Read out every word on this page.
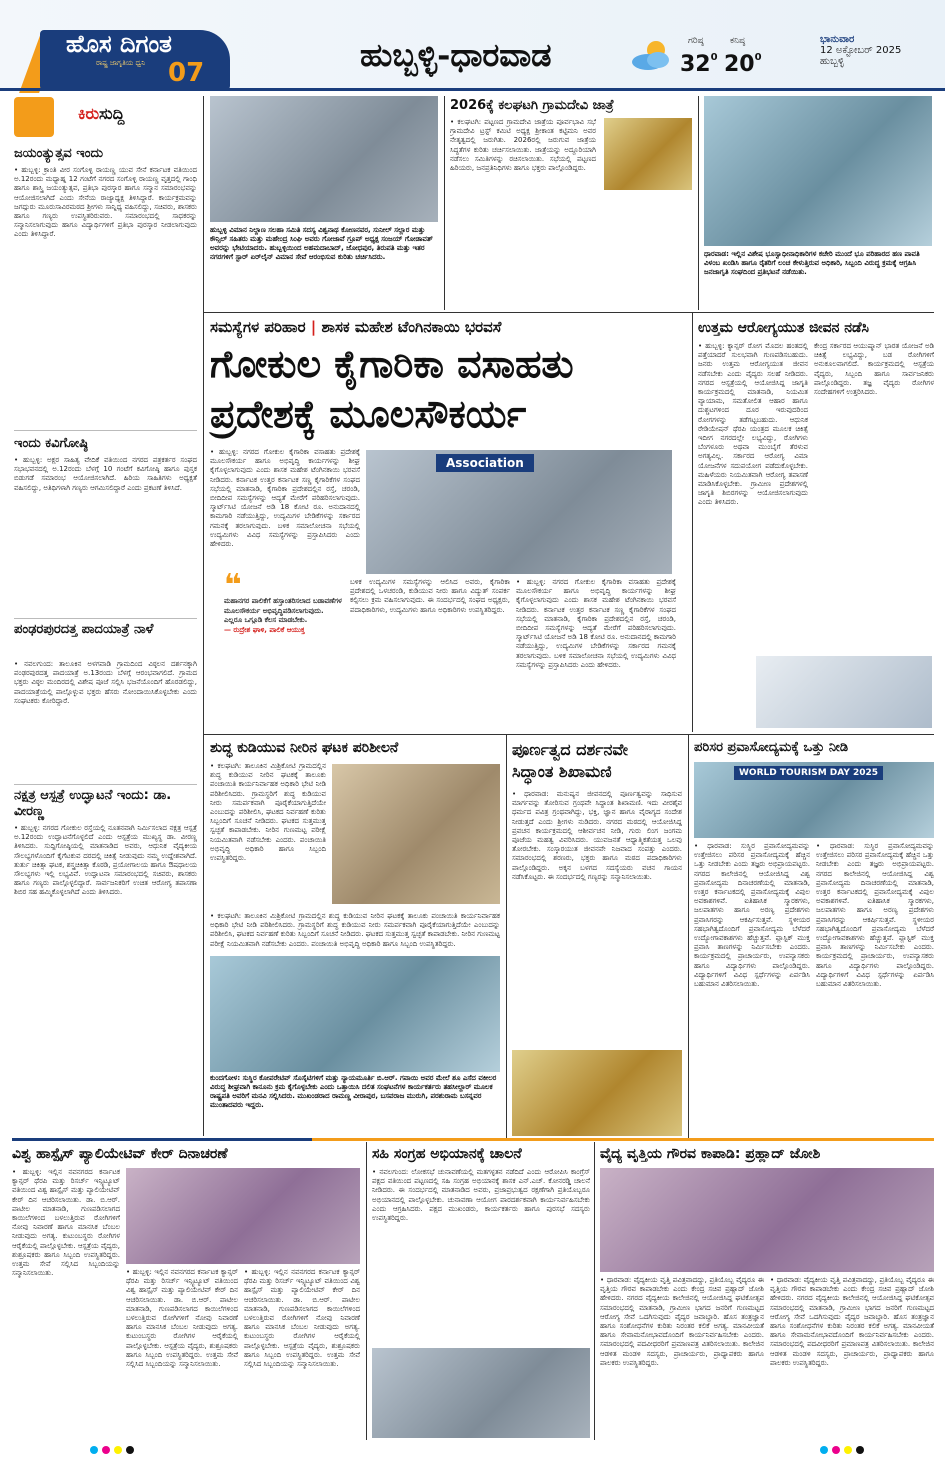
ಹೊಸ ದಿಗಂತ
ರಾಷ್ಟ್ರ ಜಾಗೃತಿಯ ಧ್ವನಿ 07	ಹುಬ್ಬಳ್ಳಿ-ಧಾರವಾಡ	ಗರಿಷ್ಠ
$32^0$
ಕನಿಷ್ಠ
$20^0$
ಭಾನುವಾರ
12 ಅಕ್ಟೋಬರ್ 2025
ಹುಬ್ಬಳ್ಳಿ
ಕಿರುಸುದ್ದಿ
ಜಯಂತ್ಯುತ್ಸವ ಇಂದು
• ಹುಬ್ಬಳ್ಳಿ: ಕ್ರಾಂತಿ ವೀರ ಸಂಗೊಳ್ಳಿ ರಾಯಣ್ಣ ಯುವ ಸೇನೆ ಕರ್ನಾಟಕ ವತಿಯಿಂದ ಅ.12ರಂದು ಮಧ್ಯಾಹ್ನ 12 ಗಂಟೆಗೆ ನಗರದ ಸಂಗೊಳ್ಳಿ ರಾಯಣ್ಣ ವೃತ್ತದಲ್ಲಿ ಗಾಂಧಿ ಹಾಗೂ ಶಾಸ್ತ್ರಿ ಜಯಂತ್ಯುತ್ಸವ, ಪ್ರತಿಭಾ ಪುರಸ್ಕಾರ ಹಾಗೂ ಸನ್ಮಾನ ಸಮಾರಂಭವನ್ನು ಆಯೋಜಿಸಲಾಗಿದೆ ಎಂದು ಸೇನೆಯ ರಾಜ್ಯಾಧ್ಯಕ್ಷ ತಿಳಿಸಿದ್ದಾರೆ. ಕಾರ್ಯಕ್ರಮವನ್ನು ಜಗದ್ಗುರು ಮೂರುಸಾವಿರಮಠದ ಶ್ರೀಗಳು ಸಾನ್ನಿಧ್ಯ ವಹಿಸಲಿದ್ದು, ಸಚಿವರು, ಶಾಸಕರು ಹಾಗೂ ಗಣ್ಯರು ಉಪಸ್ಥಿತರಿರುವರು. ಸಮಾರಂಭದಲ್ಲಿ ಸಾಧಕರನ್ನು ಸನ್ಮಾನಿಸಲಾಗುವುದು ಹಾಗೂ ವಿದ್ಯಾರ್ಥಿಗಳಿಗೆ ಪ್ರತಿಭಾ ಪುರಸ್ಕಾರ ನೀಡಲಾಗುವುದು ಎಂದು ತಿಳಿಸಿದ್ದಾರೆ.
ಇಂದು ಕವಿಗೋಷ್ಠಿ
• ಹುಬ್ಬಳ್ಳಿ: ಅಕ್ಷರ ಸಾಹಿತ್ಯ ವೇದಿಕೆ ವತಿಯಿಂದ ನಗರದ ಪತ್ರಕರ್ತರ ಸಂಘದ ಸಭಾಭವನದಲ್ಲಿ ಅ.12ರಂದು ಬೆಳಗ್ಗೆ 10 ಗಂಟೆಗೆ ಕವಿಗೋಷ್ಠಿ ಹಾಗೂ ಪುಸ್ತಕ ಬಿಡುಗಡೆ ಸಮಾರಂಭ ಆಯೋಜಿಸಲಾಗಿದೆ. ಹಿರಿಯ ಸಾಹಿತಿಗಳು ಅಧ್ಯಕ್ಷತೆ ವಹಿಸಲಿದ್ದು, ಅತಿಥಿಗಳಾಗಿ ಗಣ್ಯರು ಆಗಮಿಸಲಿದ್ದಾರೆ ಎಂದು ಪ್ರಕಟಣೆ ತಿಳಿಸಿದೆ.
ಪಂಢರಪುರದತ್ತ ಪಾದಯಾತ್ರೆ ನಾಳೆ
• ನವಲಗುಂದ: ತಾಲೂಕಿನ ಅಳಗವಾಡಿ ಗ್ರಾಮದಿಂದ ವಿಠ್ಠಲನ ದರ್ಶನಕ್ಕಾಗಿ ಪಂಢರಪುರದತ್ತ ಪಾದಯಾತ್ರೆ ಅ.13ರಂದು ಬೆಳಗ್ಗೆ ಆರಂಭವಾಗಲಿದೆ. ಗ್ರಾಮದ ಭಕ್ತರು ವಿಠ್ಠಲ ಮಂದಿರದಲ್ಲಿ ವಿಶೇಷ ಪೂಜೆ ಸಲ್ಲಿಸಿ ಭಜನೆಯೊಂದಿಗೆ ಹೊರಡಲಿದ್ದು, ಪಾದಯಾತ್ರೆಯಲ್ಲಿ ಪಾಲ್ಗೊಳ್ಳುವ ಭಕ್ತರು ಹೆಸರು ನೋಂದಾಯಿಸಿಕೊಳ್ಳಬೇಕು ಎಂದು ಸಂಘಟಕರು ಕೋರಿದ್ದಾರೆ.
ನಕ್ಷತ್ರ ಆಸ್ಪತ್ರೆ ಉದ್ಘಾಟನೆ ಇಂದು: ಡಾ. ವೀರಣ್ಣ
• ಹುಬ್ಬಳ್ಳಿ: ನಗರದ ಗೋಕುಲ ರಸ್ತೆಯಲ್ಲಿ ನೂತನವಾಗಿ ನಿರ್ಮಿಸಲಾದ ನಕ್ಷತ್ರ ಆಸ್ಪತ್ರೆ ಅ.12ರಂದು ಉದ್ಘಾಟನೆಗೊಳ್ಳಲಿದೆ ಎಂದು ಆಸ್ಪತ್ರೆಯ ಮುಖ್ಯಸ್ಥ ಡಾ. ವೀರಣ್ಣ ತಿಳಿಸಿದರು. ಸುದ್ದಿಗೋಷ್ಠಿಯಲ್ಲಿ ಮಾತನಾಡಿದ ಅವರು, ಆಧುನಿಕ ವೈದ್ಯಕೀಯ ಸೌಲಭ್ಯಗಳೊಂದಿಗೆ ಕೈಗೆಟಕುವ ದರದಲ್ಲಿ ಚಿಕಿತ್ಸೆ ನೀಡುವುದು ನಮ್ಮ ಉದ್ದೇಶವಾಗಿದೆ. ತುರ್ತು ಚಿಕಿತ್ಸಾ ಘಟಕ, ಶಸ್ತ್ರಚಿಕಿತ್ಸಾ ಕೊಠಡಿ, ಪ್ರಯೋಗಾಲಯ ಹಾಗೂ ಔಷಧಾಲಯ ಸೌಲಭ್ಯಗಳು ಇಲ್ಲಿ ಲಭ್ಯವಿವೆ. ಉದ್ಘಾಟನಾ ಸಮಾರಂಭದಲ್ಲಿ ಸಚಿವರು, ಶಾಸಕರು ಹಾಗೂ ಗಣ್ಯರು ಪಾಲ್ಗೊಳ್ಳಲಿದ್ದಾರೆ. ಸಾರ್ವಜನಿಕರಿಗೆ ಉಚಿತ ಆರೋಗ್ಯ ತಪಾಸಣಾ ಶಿಬಿರ ಸಹ ಹಮ್ಮಿಕೊಳ್ಳಲಾಗಿದೆ ಎಂದು ತಿಳಿಸಿದರು.
ಹುಬ್ಬಳ್ಳಿ ವಿಮಾನ ನಿಲ್ದಾಣ ಸಲಹಾ ಸಮಿತಿ ಸದಸ್ಯ ವಿಶ್ವನಾಥ ಕೋಣನವರ, ಸುನೀಲ್ ಸಲ್ಲಾರ ಮತ್ತು ಕೌನ್ಸಿಲ್ ಸಹಿತರು ಮತ್ತು ಮಹೇಂದ್ರ ಸಿಂಘಿ ಅವರು ಗೋಜಾವೆ ಗ್ರೂಪ್ ಅಧ್ಯಕ್ಷ ಸಂಜಯ್ ಗೋಡಾವತ್ ಅವರನ್ನು ಭೇಟಿಯಾದರು. ಹುಬ್ಬಳ್ಳಿಯಿಂದ ಅಹಮದಾಬಾದ್, ಜೋಧಪುರ, ತಿರುಪತಿ ಮತ್ತು ಇತರ ನಗರಗಳಿಗೆ ಸ್ಟಾರ್ ಏರ್‌ಲೈನ್ ವಿಮಾನ ಸೇವೆ ಆರಂಭಿಸುವ ಕುರಿತು ಚರ್ಚಿಸಿದರು.
2026ಕ್ಕೆ ಕಲಘಟಗಿ ಗ್ರಾಮದೇವಿ ಜಾತ್ರೆ
• ಕಲಘಟಗಿ: ಪಟ್ಟಣದ ಗ್ರಾಮದೇವಿ ಜಾತ್ರೆಯ ಪೂರ್ವಭಾವಿ ಸಭೆ ಗ್ರಾಮದೇವಿ ಟ್ರಸ್ಟ್ ಕಮಿಟಿ ಅಧ್ಯಕ್ಷ ಶ್ರೀಕಾಂತ ಕಟ್ಟಿಮನಿ ಅವರ ನೇತೃತ್ವದಲ್ಲಿ ಜರುಗಿತು. 2026ರಲ್ಲಿ ಜರುಗುವ ಜಾತ್ರೆಯ ಸಿದ್ಧತೆಗಳ ಕುರಿತು ಚರ್ಚಿಸಲಾಯಿತು. ಜಾತ್ರೆಯನ್ನು ಅದ್ದೂರಿಯಾಗಿ ನಡೆಸಲು ಸಮಿತಿಗಳನ್ನು ರಚಿಸಲಾಯಿತು. ಸಭೆಯಲ್ಲಿ ಪಟ್ಟಣದ ಹಿರಿಯರು, ಜನಪ್ರತಿನಿಧಿಗಳು ಹಾಗೂ ಭಕ್ತರು ಪಾಲ್ಗೊಂಡಿದ್ದರು.
ಧಾರವಾಡ: ಇಲ್ಲಿನ ವಿಶೇಷ ಭೂಸ್ವಾಧೀನಾಧಿಕಾರಿಗಳ ಕಚೇರಿ ಮುಂದೆ ಭೂ ಪರಿಹಾರದ ಹಣ ಪಾವತಿ ವಿಳಂಬ ಖಂಡಿಸಿ ಹಾಗೂ ರೈತರಿಗೆ ಲಂಚ ಕೇಳುತ್ತಿರುವ ಅಧಿಕಾರಿ, ಸಿಬ್ಬಂದಿ ವಿರುದ್ಧ ಕ್ರಮಕ್ಕೆ ಆಗ್ರಹಿಸಿ ಜನಜಾಗೃತಿ ಸಂಘದಿಂದ ಪ್ರತಿಭಟನೆ ನಡೆಯಿತು.
ಸಮಸ್ಯೆಗಳ ಪರಿಹಾರ | ಶಾಸಕ ಮಹೇಶ ಟೆಂಗಿನಕಾಯಿ ಭರವಸೆ
ಗೋಕುಲ ಕೈಗಾರಿಕಾ ವಸಾಹತು
ಪ್ರದೇಶಕ್ಕೆ ಮೂಲಸೌಕರ್ಯ
• ಹುಬ್ಬಳ್ಳಿ: ನಗರದ ಗೋಕುಲ ಕೈಗಾರಿಕಾ ವಸಾಹತು ಪ್ರದೇಶಕ್ಕೆ ಮೂಲಸೌಕರ್ಯ ಹಾಗೂ ಅಭಿವೃದ್ಧಿ ಕಾರ್ಯಗಳನ್ನು ಶೀಘ್ರ ಕೈಗೊಳ್ಳಲಾಗುವುದು ಎಂದು ಶಾಸಕ ಮಹೇಶ ಟೆಂಗಿನಕಾಯಿ ಭರವಸೆ ನೀಡಿದರು. ಕರ್ನಾಟಕ ಉತ್ತರ ಕರ್ನಾಟಕ ಸಣ್ಣ ಕೈಗಾರಿಕೆಗಳ ಸಂಘದ ಸಭೆಯಲ್ಲಿ ಮಾತನಾಡಿ, ಕೈಗಾರಿಕಾ ಪ್ರದೇಶದಲ್ಲಿನ ರಸ್ತೆ, ಚರಂಡಿ, ಬೀದಿದೀಪ ಸಮಸ್ಯೆಗಳನ್ನು ಆದ್ಯತೆ ಮೇರೆಗೆ ಪರಿಹರಿಸಲಾಗುವುದು. ಸ್ಮಾರ್ಟ್‌ಸಿಟಿ ಯೋಜನೆ ಅಡಿ 18 ಕೋಟಿ ರೂ. ಅನುದಾನದಲ್ಲಿ ಕಾಮಗಾರಿ ನಡೆಯುತ್ತಿದ್ದು, ಉದ್ಯಮಿಗಳ ಬೇಡಿಕೆಗಳನ್ನು ಸರ್ಕಾರದ ಗಮನಕ್ಕೆ ತರಲಾಗುವುದು. ಬಳಿಕ ಸಮಾಲೋಚನಾ ಸಭೆಯಲ್ಲಿ ಉದ್ಯಮಿಗಳು ವಿವಿಧ ಸಮಸ್ಯೆಗಳನ್ನು ಪ್ರಸ್ತಾಪಿಸಿದರು ಎಂದು ಹೇಳಿದರು.
Association
❝
ಮಹಾನಗರ ಪಾಲಿಕೆಗೆ ಹಸ್ತಾಂತರಿಸಲಾದ ಬಡಾವಣೆಗಳ ಮೂಲಸೌಕರ್ಯ ಅಭಿವೃದ್ಧಿಪಡಿಸಲಾಗುವುದು. ಎಲ್ಲರೂ ಒಗ್ಗೂಡಿ ಕೆಲಸ ಮಾಡಬೇಕು.
— ರುದ್ರೇಶ ಘಾಳಿ, ಪಾಲಿಕೆ ಆಯುಕ್ತ
ಬಳಿಕ ಉದ್ಯಮಿಗಳ ಸಮಸ್ಯೆಗಳನ್ನು ಆಲಿಸಿದ ಅವರು, ಕೈಗಾರಿಕಾ ಪ್ರದೇಶದಲ್ಲಿ ಒಳಚರಂಡಿ, ಕುಡಿಯುವ ನೀರು ಹಾಗೂ ವಿದ್ಯುತ್ ಸಂಪರ್ಕ ಕಲ್ಪಿಸಲು ಕ್ರಮ ವಹಿಸಲಾಗುವುದು. ಈ ಸಂದರ್ಭದಲ್ಲಿ ಸಂಘದ ಅಧ್ಯಕ್ಷರು, ಪದಾಧಿಕಾರಿಗಳು, ಉದ್ಯಮಿಗಳು ಹಾಗೂ ಅಧಿಕಾರಿಗಳು ಉಪಸ್ಥಿತರಿದ್ದರು.
• ಹುಬ್ಬಳ್ಳಿ: ನಗರದ ಗೋಕುಲ ಕೈಗಾರಿಕಾ ವಸಾಹತು ಪ್ರದೇಶಕ್ಕೆ ಮೂಲಸೌಕರ್ಯ ಹಾಗೂ ಅಭಿವೃದ್ಧಿ ಕಾರ್ಯಗಳನ್ನು ಶೀಘ್ರ ಕೈಗೊಳ್ಳಲಾಗುವುದು ಎಂದು ಶಾಸಕ ಮಹೇಶ ಟೆಂಗಿನಕಾಯಿ ಭರವಸೆ ನೀಡಿದರು. ಕರ್ನಾಟಕ ಉತ್ತರ ಕರ್ನಾಟಕ ಸಣ್ಣ ಕೈಗಾರಿಕೆಗಳ ಸಂಘದ ಸಭೆಯಲ್ಲಿ ಮಾತನಾಡಿ, ಕೈಗಾರಿಕಾ ಪ್ರದೇಶದಲ್ಲಿನ ರಸ್ತೆ, ಚರಂಡಿ, ಬೀದಿದೀಪ ಸಮಸ್ಯೆಗಳನ್ನು ಆದ್ಯತೆ ಮೇರೆಗೆ ಪರಿಹರಿಸಲಾಗುವುದು. ಸ್ಮಾರ್ಟ್‌ಸಿಟಿ ಯೋಜನೆ ಅಡಿ 18 ಕೋಟಿ ರೂ. ಅನುದಾನದಲ್ಲಿ ಕಾಮಗಾರಿ ನಡೆಯುತ್ತಿದ್ದು, ಉದ್ಯಮಿಗಳ ಬೇಡಿಕೆಗಳನ್ನು ಸರ್ಕಾರದ ಗಮನಕ್ಕೆ ತರಲಾಗುವುದು. ಬಳಿಕ ಸಮಾಲೋಚನಾ ಸಭೆಯಲ್ಲಿ ಉದ್ಯಮಿಗಳು ವಿವಿಧ ಸಮಸ್ಯೆಗಳನ್ನು ಪ್ರಸ್ತಾಪಿಸಿದರು ಎಂದು ಹೇಳಿದರು.
ಉತ್ತಮ ಆರೋಗ್ಯಯುತ ಜೀವನ ನಡೆಸಿ
• ಹುಬ್ಬಳ್ಳಿ: ಕ್ಯಾನ್ಸರ್ ರೋಗ ಮೊದಲ ಹಂತದಲ್ಲಿ ಪತ್ತೆಯಾದರೆ ಸುಲಭವಾಗಿ ಗುಣಪಡಿಸಬಹುದು. ಜನರು ಉತ್ತಮ ಆರೋಗ್ಯಯುತ ಜೀವನ ನಡೆಸಬೇಕು ಎಂದು ವೈದ್ಯರು ಸಲಹೆ ನೀಡಿದರು. ನಗರದ ಆಸ್ಪತ್ರೆಯಲ್ಲಿ ಆಯೋಜಿಸಿದ್ದ ಜಾಗೃತಿ ಕಾರ್ಯಕ್ರಮದಲ್ಲಿ ಮಾತನಾಡಿ, ನಿಯಮಿತ ವ್ಯಾಯಾಮ, ಸಮತೋಲಿತ ಆಹಾರ ಹಾಗೂ ದುಶ್ಚಟಗಳಿಂದ ದೂರ ಇರುವುದರಿಂದ ರೋಗಗಳನ್ನು ತಡೆಗಟ್ಟಬಹುದು. ಆಧುನಿಕ ರೇಡಿಯೇಷನ್ ಥೆರಪಿ ಯಂತ್ರದ ಮೂಲಕ ಚಿಕಿತ್ಸೆ ಇದೀಗ ನಗರದಲ್ಲೇ ಲಭ್ಯವಿದ್ದು, ರೋಗಿಗಳು ಬೆಂಗಳೂರು ಅಥವಾ ಮುಂಬೈಗೆ ತೆರಳುವ ಅಗತ್ಯವಿಲ್ಲ. ಸರ್ಕಾರದ ಆರೋಗ್ಯ ವಿಮಾ ಯೋಜನೆಗಳ ಸದುಪಯೋಗ ಪಡೆದುಕೊಳ್ಳಬೇಕು. ಮಹಿಳೆಯರು ನಿಯಮಿತವಾಗಿ ಆರೋಗ್ಯ ತಪಾಸಣೆ ಮಾಡಿಸಿಕೊಳ್ಳಬೇಕು. ಗ್ರಾಮೀಣ ಪ್ರದೇಶಗಳಲ್ಲಿ ಜಾಗೃತಿ ಶಿಬಿರಗಳನ್ನು ಆಯೋಜಿಸಲಾಗುವುದು ಎಂದು ತಿಳಿಸಿದರು.
ಕೇಂದ್ರ ಸರ್ಕಾರದ ಆಯುಷ್ಮಾನ್ ಭಾರತ ಯೋಜನೆ ಅಡಿ ಚಿಕಿತ್ಸೆ ಲಭ್ಯವಿದ್ದು, ಬಡ ರೋಗಿಗಳಿಗೆ ಅನುಕೂಲವಾಗಲಿದೆ. ಕಾರ್ಯಕ್ರಮದಲ್ಲಿ ಆಸ್ಪತ್ರೆಯ ವೈದ್ಯರು, ಸಿಬ್ಬಂದಿ ಹಾಗೂ ಸಾರ್ವಜನಿಕರು ಪಾಲ್ಗೊಂಡಿದ್ದರು. ತಜ್ಞ ವೈದ್ಯರು ರೋಗಿಗಳ ಸಂದೇಹಗಳಿಗೆ ಉತ್ತರಿಸಿದರು.
ಶುದ್ಧ ಕುಡಿಯುವ ನೀರಿನ ಘಟಕ ಪರಿಶೀಲನೆ
• ಕಲಘಟಗಿ: ತಾಲೂಕಿನ ಮಿಶ್ರಿಕೋಟಿ ಗ್ರಾಮದಲ್ಲಿನ ಶುದ್ಧ ಕುಡಿಯುವ ನೀರಿನ ಘಟಕಕ್ಕೆ ತಾಲೂಕು ಪಂಚಾಯಿತಿ ಕಾರ್ಯನಿರ್ವಾಹಕ ಅಧಿಕಾರಿ ಭೇಟಿ ನೀಡಿ ಪರಿಶೀಲಿಸಿದರು. ಗ್ರಾಮಸ್ಥರಿಗೆ ಶುದ್ಧ ಕುಡಿಯುವ ನೀರು ಸಮರ್ಪಕವಾಗಿ ಪೂರೈಕೆಯಾಗುತ್ತಿದೆಯೇ ಎಂಬುದನ್ನು ಪರಿಶೀಲಿಸಿ, ಘಟಕದ ನಿರ್ವಹಣೆ ಕುರಿತು ಸಿಬ್ಬಂದಿಗೆ ಸೂಚನೆ ನೀಡಿದರು. ಘಟಕದ ಸುತ್ತಮುತ್ತ ಸ್ವಚ್ಛತೆ ಕಾಪಾಡಬೇಕು. ನೀರಿನ ಗುಣಮಟ್ಟ ಪರೀಕ್ಷೆ ನಿಯಮಿತವಾಗಿ ನಡೆಸಬೇಕು ಎಂದರು. ಪಂಚಾಯಿತಿ ಅಭಿವೃದ್ಧಿ ಅಧಿಕಾರಿ ಹಾಗೂ ಸಿಬ್ಬಂದಿ ಉಪಸ್ಥಿತರಿದ್ದರು.
• ಕಲಘಟಗಿ: ತಾಲೂಕಿನ ಮಿಶ್ರಿಕೋಟಿ ಗ್ರಾಮದಲ್ಲಿನ ಶುದ್ಧ ಕುಡಿಯುವ ನೀರಿನ ಘಟಕಕ್ಕೆ ತಾಲೂಕು ಪಂಚಾಯಿತಿ ಕಾರ್ಯನಿರ್ವಾಹಕ ಅಧಿಕಾರಿ ಭೇಟಿ ನೀಡಿ ಪರಿಶೀಲಿಸಿದರು. ಗ್ರಾಮಸ್ಥರಿಗೆ ಶುದ್ಧ ಕುಡಿಯುವ ನೀರು ಸಮರ್ಪಕವಾಗಿ ಪೂರೈಕೆಯಾಗುತ್ತಿದೆಯೇ ಎಂಬುದನ್ನು ಪರಿಶೀಲಿಸಿ, ಘಟಕದ ನಿರ್ವಹಣೆ ಕುರಿತು ಸಿಬ್ಬಂದಿಗೆ ಸೂಚನೆ ನೀಡಿದರು. ಘಟಕದ ಸುತ್ತಮುತ್ತ ಸ್ವಚ್ಛತೆ ಕಾಪಾಡಬೇಕು. ನೀರಿನ ಗುಣಮಟ್ಟ ಪರೀಕ್ಷೆ ನಿಯಮಿತವಾಗಿ ನಡೆಸಬೇಕು ಎಂದರು. ಪಂಚಾಯಿತಿ ಅಭಿವೃದ್ಧಿ ಅಧಿಕಾರಿ ಹಾಗೂ ಸಿಬ್ಬಂದಿ ಉಪಸ್ಥಿತರಿದ್ದರು.
ಕುಂದಗೋಳ: ಸುಸ್ಥಿರ ಕೋಪರೇಟಿವ್ ಸೊಸೈಟಿಗಳಿಗೆ ಮತ್ತು ನ್ಯಾಯಮೂರ್ತಿ ಬಿ.ಆರ್. ಗವಾಯಿ ಅವರ ಮೇಲೆ ಶೂ ಎಸೆದ ವಕೀಲರ ವಿರುದ್ಧ ಶೀಘ್ರವಾಗಿ ಕಾನೂನು ಕ್ರಮ ಕೈಗೊಳ್ಳಬೇಕು ಎಂದು ಒತ್ತಾಯಿಸಿ ದಲಿತ ಸಂಘಟನೆಗಳ ಕಾರ್ಯಕರ್ತರು ತಹಸೀಲ್ದಾರ್ ಮೂಲಕ ರಾಷ್ಟ್ರಪತಿ ಅವರಿಗೆ ಮನವಿ ಸಲ್ಲಿಸಿದರು. ಮುಖಂಡರಾದ ರಾಮಣ್ಣ ವೀರಾಪುರ, ಬಸವರಾಜ ಮುರುಗಿ, ಪರಶುರಾಮ ಬಸನ್ನವರ ಮುಂತಾದವರು ಇದ್ದರು.
ಪೂರ್ಣತ್ವದ ದರ್ಶನವೇ
ಸಿದ್ಧಾಂತ ಶಿಖಾಮಣಿ
• ಧಾರವಾಡ: ಮನುಷ್ಯನ ಜೀವನದಲ್ಲಿ ಪೂರ್ಣತ್ವವನ್ನು ಸಾಧಿಸುವ ಮಾರ್ಗವನ್ನು ತೋರಿಸುವ ಗ್ರಂಥವೇ ಸಿದ್ಧಾಂತ ಶಿಖಾಮಣಿ. ಇದು ವೀರಶೈವ ಧರ್ಮದ ಪವಿತ್ರ ಗ್ರಂಥವಾಗಿದ್ದು, ಭಕ್ತಿ, ಜ್ಞಾನ ಹಾಗೂ ವೈರಾಗ್ಯದ ಸಂದೇಶ ನೀಡುತ್ತದೆ ಎಂದು ಶ್ರೀಗಳು ನುಡಿದರು. ನಗರದ ಮಠದಲ್ಲಿ ಆಯೋಜಿಸಿದ್ದ ಪ್ರವಚನ ಕಾರ್ಯಕ್ರಮದಲ್ಲಿ ಆಶೀರ್ವಚನ ನೀಡಿ, ಗುರು ಲಿಂಗ ಜಂಗಮ ಪೂಜೆಯ ಮಹತ್ವ ವಿವರಿಸಿದರು. ಯುವಜನತೆ ಆಧ್ಯಾತ್ಮಿಕತೆಯತ್ತ ಒಲವು ತೋರಬೇಕು. ಸಂಸ್ಕಾರಯುತ ಜೀವನವೇ ನಿಜವಾದ ಸಂಪತ್ತು ಎಂದರು. ಸಮಾರಂಭದಲ್ಲಿ ಶರಣರು, ಭಕ್ತರು ಹಾಗೂ ಮಠದ ಪದಾಧಿಕಾರಿಗಳು ಪಾಲ್ಗೊಂಡಿದ್ದರು. ಅಕ್ಕನ ಬಳಗದ ಸದಸ್ಯೆಯರು ವಚನ ಗಾಯನ ನಡೆಸಿಕೊಟ್ಟರು. ಈ ಸಂದರ್ಭದಲ್ಲಿ ಗಣ್ಯರನ್ನು ಸನ್ಮಾನಿಸಲಾಯಿತು.
ಪರಿಸರ ಪ್ರವಾಸೋದ್ಯಮಕ್ಕೆ ಒತ್ತು ನೀಡಿ
WORLD TOURISM DAY 2025
• ಧಾರವಾಡ: ಸುಸ್ಥಿರ ಪ್ರವಾಸೋದ್ಯಮವನ್ನು ಉತ್ತೇಜಿಸಲು ಪರಿಸರ ಪ್ರವಾಸೋದ್ಯಮಕ್ಕೆ ಹೆಚ್ಚಿನ ಒತ್ತು ನೀಡಬೇಕು ಎಂದು ತಜ್ಞರು ಅಭಿಪ್ರಾಯಪಟ್ಟರು. ನಗರದ ಕಾಲೇಜಿನಲ್ಲಿ ಆಯೋಜಿಸಿದ್ದ ವಿಶ್ವ ಪ್ರವಾಸೋದ್ಯಮ ದಿನಾಚರಣೆಯಲ್ಲಿ ಮಾತನಾಡಿ, ಉತ್ತರ ಕರ್ನಾಟಕದಲ್ಲಿ ಪ್ರವಾಸೋದ್ಯಮಕ್ಕೆ ವಿಪುಲ ಅವಕಾಶಗಳಿವೆ. ಐತಿಹಾಸಿಕ ಸ್ಮಾರಕಗಳು, ಜಲಪಾತಗಳು ಹಾಗೂ ಅರಣ್ಯ ಪ್ರದೇಶಗಳು ಪ್ರವಾಸಿಗರನ್ನು ಆಕರ್ಷಿಸುತ್ತವೆ. ಸ್ಥಳೀಯರ ಸಹಭಾಗಿತ್ವದೊಂದಿಗೆ ಪ್ರವಾಸೋದ್ಯಮ ಬೆಳೆದರೆ ಉದ್ಯೋಗಾವಕಾಶಗಳು ಹೆಚ್ಚುತ್ತವೆ. ಪ್ಲಾಸ್ಟಿಕ್ ಮುಕ್ತ ಪ್ರವಾಸಿ ತಾಣಗಳನ್ನು ನಿರ್ಮಿಸಬೇಕು ಎಂದರು. ಕಾರ್ಯಕ್ರಮದಲ್ಲಿ ಪ್ರಾಚಾರ್ಯರು, ಉಪನ್ಯಾಸಕರು ಹಾಗೂ ವಿದ್ಯಾರ್ಥಿಗಳು ಪಾಲ್ಗೊಂಡಿದ್ದರು. ವಿದ್ಯಾರ್ಥಿಗಳಿಗೆ ವಿವಿಧ ಸ್ಪರ್ಧೆಗಳನ್ನು ಏರ್ಪಡಿಸಿ ಬಹುಮಾನ ವಿತರಿಸಲಾಯಿತು.
• ಧಾರವಾಡ: ಸುಸ್ಥಿರ ಪ್ರವಾಸೋದ್ಯಮವನ್ನು ಉತ್ತೇಜಿಸಲು ಪರಿಸರ ಪ್ರವಾಸೋದ್ಯಮಕ್ಕೆ ಹೆಚ್ಚಿನ ಒತ್ತು ನೀಡಬೇಕು ಎಂದು ತಜ್ಞರು ಅಭಿಪ್ರಾಯಪಟ್ಟರು. ನಗರದ ಕಾಲೇಜಿನಲ್ಲಿ ಆಯೋಜಿಸಿದ್ದ ವಿಶ್ವ ಪ್ರವಾಸೋದ್ಯಮ ದಿನಾಚರಣೆಯಲ್ಲಿ ಮಾತನಾಡಿ, ಉತ್ತರ ಕರ್ನಾಟಕದಲ್ಲಿ ಪ್ರವಾಸೋದ್ಯಮಕ್ಕೆ ವಿಪುಲ ಅವಕಾಶಗಳಿವೆ. ಐತಿಹಾಸಿಕ ಸ್ಮಾರಕಗಳು, ಜಲಪಾತಗಳು ಹಾಗೂ ಅರಣ್ಯ ಪ್ರದೇಶಗಳು ಪ್ರವಾಸಿಗರನ್ನು ಆಕರ್ಷಿಸುತ್ತವೆ. ಸ್ಥಳೀಯರ ಸಹಭಾಗಿತ್ವದೊಂದಿಗೆ ಪ್ರವಾಸೋದ್ಯಮ ಬೆಳೆದರೆ ಉದ್ಯೋಗಾವಕಾಶಗಳು ಹೆಚ್ಚುತ್ತವೆ. ಪ್ಲಾಸ್ಟಿಕ್ ಮುಕ್ತ ಪ್ರವಾಸಿ ತಾಣಗಳನ್ನು ನಿರ್ಮಿಸಬೇಕು ಎಂದರು. ಕಾರ್ಯಕ್ರಮದಲ್ಲಿ ಪ್ರಾಚಾರ್ಯರು, ಉಪನ್ಯಾಸಕರು ಹಾಗೂ ವಿದ್ಯಾರ್ಥಿಗಳು ಪಾಲ್ಗೊಂಡಿದ್ದರು. ವಿದ್ಯಾರ್ಥಿಗಳಿಗೆ ವಿವಿಧ ಸ್ಪರ್ಧೆಗಳನ್ನು ಏರ್ಪಡಿಸಿ ಬಹುಮಾನ ವಿತರಿಸಲಾಯಿತು.
ವಿಶ್ವ ಹಾಸ್ಪೈಸ್ ಪ್ಯಾಲಿಯೇಟಿವ್ ಕೇರ್ ದಿನಾಚರಣೆ
• ಹುಬ್ಬಳ್ಳಿ: ಇಲ್ಲಿನ ನವನಗರದ ಕರ್ನಾಟಕ ಕ್ಯಾನ್ಸರ್ ಥೆರಪಿ ಮತ್ತು ರಿಸರ್ಚ್ ಇನ್ಸ್ಟಿಟ್ಯೂಟ್ ವತಿಯಿಂದ ವಿಶ್ವ ಹಾಸ್ಪೈಸ್ ಮತ್ತು ಪ್ಯಾಲಿಯೇಟಿವ್ ಕೇರ್ ದಿನ ಆಚರಿಸಲಾಯಿತು. ಡಾ. ಬಿ.ಆರ್. ಪಾಟೀಲ ಮಾತನಾಡಿ, ಗುಣಪಡಿಸಲಾಗದ ಕಾಯಿಲೆಗಳಿಂದ ಬಳಲುತ್ತಿರುವ ರೋಗಿಗಳಿಗೆ ನೋವು ನಿವಾರಣೆ ಹಾಗೂ ಮಾನಸಿಕ ಬೆಂಬಲ ನೀಡುವುದು ಅಗತ್ಯ. ಕುಟುಂಬಸ್ಥರು ರೋಗಿಗಳ ಆರೈಕೆಯಲ್ಲಿ ಪಾಲ್ಗೊಳ್ಳಬೇಕು. ಆಸ್ಪತ್ರೆಯ ವೈದ್ಯರು, ಶುಶ್ರೂಷಕರು ಹಾಗೂ ಸಿಬ್ಬಂದಿ ಉಪಸ್ಥಿತರಿದ್ದರು. ಉತ್ತಮ ಸೇವೆ ಸಲ್ಲಿಸಿದ ಸಿಬ್ಬಂದಿಯನ್ನು ಸನ್ಮಾನಿಸಲಾಯಿತು.	• ಹುಬ್ಬಳ್ಳಿ: ಇಲ್ಲಿನ ನವನಗರದ ಕರ್ನಾಟಕ ಕ್ಯಾನ್ಸರ್ ಥೆರಪಿ ಮತ್ತು ರಿಸರ್ಚ್ ಇನ್ಸ್ಟಿಟ್ಯೂಟ್ ವತಿಯಿಂದ ವಿಶ್ವ ಹಾಸ್ಪೈಸ್ ಮತ್ತು ಪ್ಯಾಲಿಯೇಟಿವ್ ಕೇರ್ ದಿನ ಆಚರಿಸಲಾಯಿತು. ಡಾ. ಬಿ.ಆರ್. ಪಾಟೀಲ ಮಾತನಾಡಿ, ಗುಣಪಡಿಸಲಾಗದ ಕಾಯಿಲೆಗಳಿಂದ ಬಳಲುತ್ತಿರುವ ರೋಗಿಗಳಿಗೆ ನೋವು ನಿವಾರಣೆ ಹಾಗೂ ಮಾನಸಿಕ ಬೆಂಬಲ ನೀಡುವುದು ಅಗತ್ಯ. ಕುಟುಂಬಸ್ಥರು ರೋಗಿಗಳ ಆರೈಕೆಯಲ್ಲಿ ಪಾಲ್ಗೊಳ್ಳಬೇಕು. ಆಸ್ಪತ್ರೆಯ ವೈದ್ಯರು, ಶುಶ್ರೂಷಕರು ಹಾಗೂ ಸಿಬ್ಬಂದಿ ಉಪಸ್ಥಿತರಿದ್ದರು. ಉತ್ತಮ ಸೇವೆ ಸಲ್ಲಿಸಿದ ಸಿಬ್ಬಂದಿಯನ್ನು ಸನ್ಮಾನಿಸಲಾಯಿತು.
• ಹುಬ್ಬಳ್ಳಿ: ಇಲ್ಲಿನ ನವನಗರದ ಕರ್ನಾಟಕ ಕ್ಯಾನ್ಸರ್ ಥೆರಪಿ ಮತ್ತು ರಿಸರ್ಚ್ ಇನ್ಸ್ಟಿಟ್ಯೂಟ್ ವತಿಯಿಂದ ವಿಶ್ವ ಹಾಸ್ಪೈಸ್ ಮತ್ತು ಪ್ಯಾಲಿಯೇಟಿವ್ ಕೇರ್ ದಿನ ಆಚರಿಸಲಾಯಿತು. ಡಾ. ಬಿ.ಆರ್. ಪಾಟೀಲ ಮಾತನಾಡಿ, ಗುಣಪಡಿಸಲಾಗದ ಕಾಯಿಲೆಗಳಿಂದ ಬಳಲುತ್ತಿರುವ ರೋಗಿಗಳಿಗೆ ನೋವು ನಿವಾರಣೆ ಹಾಗೂ ಮಾನಸಿಕ ಬೆಂಬಲ ನೀಡುವುದು ಅಗತ್ಯ. ಕುಟುಂಬಸ್ಥರು ರೋಗಿಗಳ ಆರೈಕೆಯಲ್ಲಿ ಪಾಲ್ಗೊಳ್ಳಬೇಕು. ಆಸ್ಪತ್ರೆಯ ವೈದ್ಯರು, ಶುಶ್ರೂಷಕರು ಹಾಗೂ ಸಿಬ್ಬಂದಿ ಉಪಸ್ಥಿತರಿದ್ದರು. ಉತ್ತಮ ಸೇವೆ ಸಲ್ಲಿಸಿದ ಸಿಬ್ಬಂದಿಯನ್ನು ಸನ್ಮಾನಿಸಲಾಯಿತು.
ಸಹಿ ಸಂಗ್ರಹ ಅಭಿಯಾನಕ್ಕೆ ಚಾಲನೆ
• ನವಲಗುಂದ: ಲೋಕಸಭೆ ಚುನಾವಣೆಯಲ್ಲಿ ಮತಗಳ್ಳತನ ನಡೆದಿದೆ ಎಂದು ಆರೋಪಿಸಿ ಕಾಂಗ್ರೆಸ್ ಪಕ್ಷದ ವತಿಯಿಂದ ಪಟ್ಟಣದಲ್ಲಿ ಸಹಿ ಸಂಗ್ರಹ ಅಭಿಯಾನಕ್ಕೆ ಶಾಸಕ ಎನ್.ಎಚ್. ಕೋನರಡ್ಡಿ ಚಾಲನೆ ನೀಡಿದರು. ಈ ಸಂದರ್ಭದಲ್ಲಿ ಮಾತನಾಡಿದ ಅವರು, ಪ್ರಜಾಪ್ರಭುತ್ವದ ರಕ್ಷಣೆಗಾಗಿ ಪ್ರತಿಯೊಬ್ಬರೂ ಅಭಿಯಾನದಲ್ಲಿ ಪಾಲ್ಗೊಳ್ಳಬೇಕು. ಚುನಾವಣಾ ಆಯೋಗ ಪಾರದರ್ಶಕವಾಗಿ ಕಾರ್ಯನಿರ್ವಹಿಸಬೇಕು ಎಂದು ಆಗ್ರಹಿಸಿದರು. ಪಕ್ಷದ ಮುಖಂಡರು, ಕಾರ್ಯಕರ್ತರು ಹಾಗೂ ಪುರಸಭೆ ಸದಸ್ಯರು ಉಪಸ್ಥಿತರಿದ್ದರು.
ವೈದ್ಯ ವೃತ್ತಿಯ ಗೌರವ ಕಾಪಾಡಿ: ಪ್ರಹ್ಲಾದ್ ಜೋಶಿ
• ಧಾರವಾಡ: ವೈದ್ಯಕೀಯ ವೃತ್ತಿ ಪವಿತ್ರವಾದದ್ದು, ಪ್ರತಿಯೊಬ್ಬ ವೈದ್ಯರೂ ಈ ವೃತ್ತಿಯ ಗೌರವ ಕಾಪಾಡಬೇಕು ಎಂದು ಕೇಂದ್ರ ಸಚಿವ ಪ್ರಹ್ಲಾದ್ ಜೋಶಿ ಹೇಳಿದರು. ನಗರದ ವೈದ್ಯಕೀಯ ಕಾಲೇಜಿನಲ್ಲಿ ಆಯೋಜಿಸಿದ್ದ ಘಟಿಕೋತ್ಸವ ಸಮಾರಂಭದಲ್ಲಿ ಮಾತನಾಡಿ, ಗ್ರಾಮೀಣ ಭಾಗದ ಜನರಿಗೆ ಗುಣಮಟ್ಟದ ಆರೋಗ್ಯ ಸೇವೆ ಒದಗಿಸುವುದು ವೈದ್ಯರ ಜವಾಬ್ದಾರಿ. ಹೊಸ ತಂತ್ರಜ್ಞಾನ ಹಾಗೂ ಸಂಶೋಧನೆಗಳ ಕುರಿತು ನಿರಂತರ ಕಲಿಕೆ ಅಗತ್ಯ. ಮಾನವೀಯತೆ ಹಾಗೂ ಸೇವಾಮನೋಭಾವದೊಂದಿಗೆ ಕಾರ್ಯನಿರ್ವಹಿಸಬೇಕು ಎಂದರು. ಸಮಾರಂಭದಲ್ಲಿ ಪದವೀಧರರಿಗೆ ಪ್ರಮಾಣಪತ್ರ ವಿತರಿಸಲಾಯಿತು. ಕಾಲೇಜಿನ ಆಡಳಿತ ಮಂಡಳಿ ಸದಸ್ಯರು, ಪ್ರಾಚಾರ್ಯರು, ಪ್ರಾಧ್ಯಾಪಕರು ಹಾಗೂ ಪಾಲಕರು ಉಪಸ್ಥಿತರಿದ್ದರು.
• ಧಾರವಾಡ: ವೈದ್ಯಕೀಯ ವೃತ್ತಿ ಪವಿತ್ರವಾದದ್ದು, ಪ್ರತಿಯೊಬ್ಬ ವೈದ್ಯರೂ ಈ ವೃತ್ತಿಯ ಗೌರವ ಕಾಪಾಡಬೇಕು ಎಂದು ಕೇಂದ್ರ ಸಚಿವ ಪ್ರಹ್ಲಾದ್ ಜೋಶಿ ಹೇಳಿದರು. ನಗರದ ವೈದ್ಯಕೀಯ ಕಾಲೇಜಿನಲ್ಲಿ ಆಯೋಜಿಸಿದ್ದ ಘಟಿಕೋತ್ಸವ ಸಮಾರಂಭದಲ್ಲಿ ಮಾತನಾಡಿ, ಗ್ರಾಮೀಣ ಭಾಗದ ಜನರಿಗೆ ಗುಣಮಟ್ಟದ ಆರೋಗ್ಯ ಸೇವೆ ಒದಗಿಸುವುದು ವೈದ್ಯರ ಜವಾಬ್ದಾರಿ. ಹೊಸ ತಂತ್ರಜ್ಞಾನ ಹಾಗೂ ಸಂಶೋಧನೆಗಳ ಕುರಿತು ನಿರಂತರ ಕಲಿಕೆ ಅಗತ್ಯ. ಮಾನವೀಯತೆ ಹಾಗೂ ಸೇವಾಮನೋಭಾವದೊಂದಿಗೆ ಕಾರ್ಯನಿರ್ವಹಿಸಬೇಕು ಎಂದರು. ಸಮಾರಂಭದಲ್ಲಿ ಪದವೀಧರರಿಗೆ ಪ್ರಮಾಣಪತ್ರ ವಿತರಿಸಲಾಯಿತು. ಕಾಲೇಜಿನ ಆಡಳಿತ ಮಂಡಳಿ ಸದಸ್ಯರು, ಪ್ರಾಚಾರ್ಯರು, ಪ್ರಾಧ್ಯಾಪಕರು ಹಾಗೂ ಪಾಲಕರು ಉಪಸ್ಥಿತರಿದ್ದರು.
